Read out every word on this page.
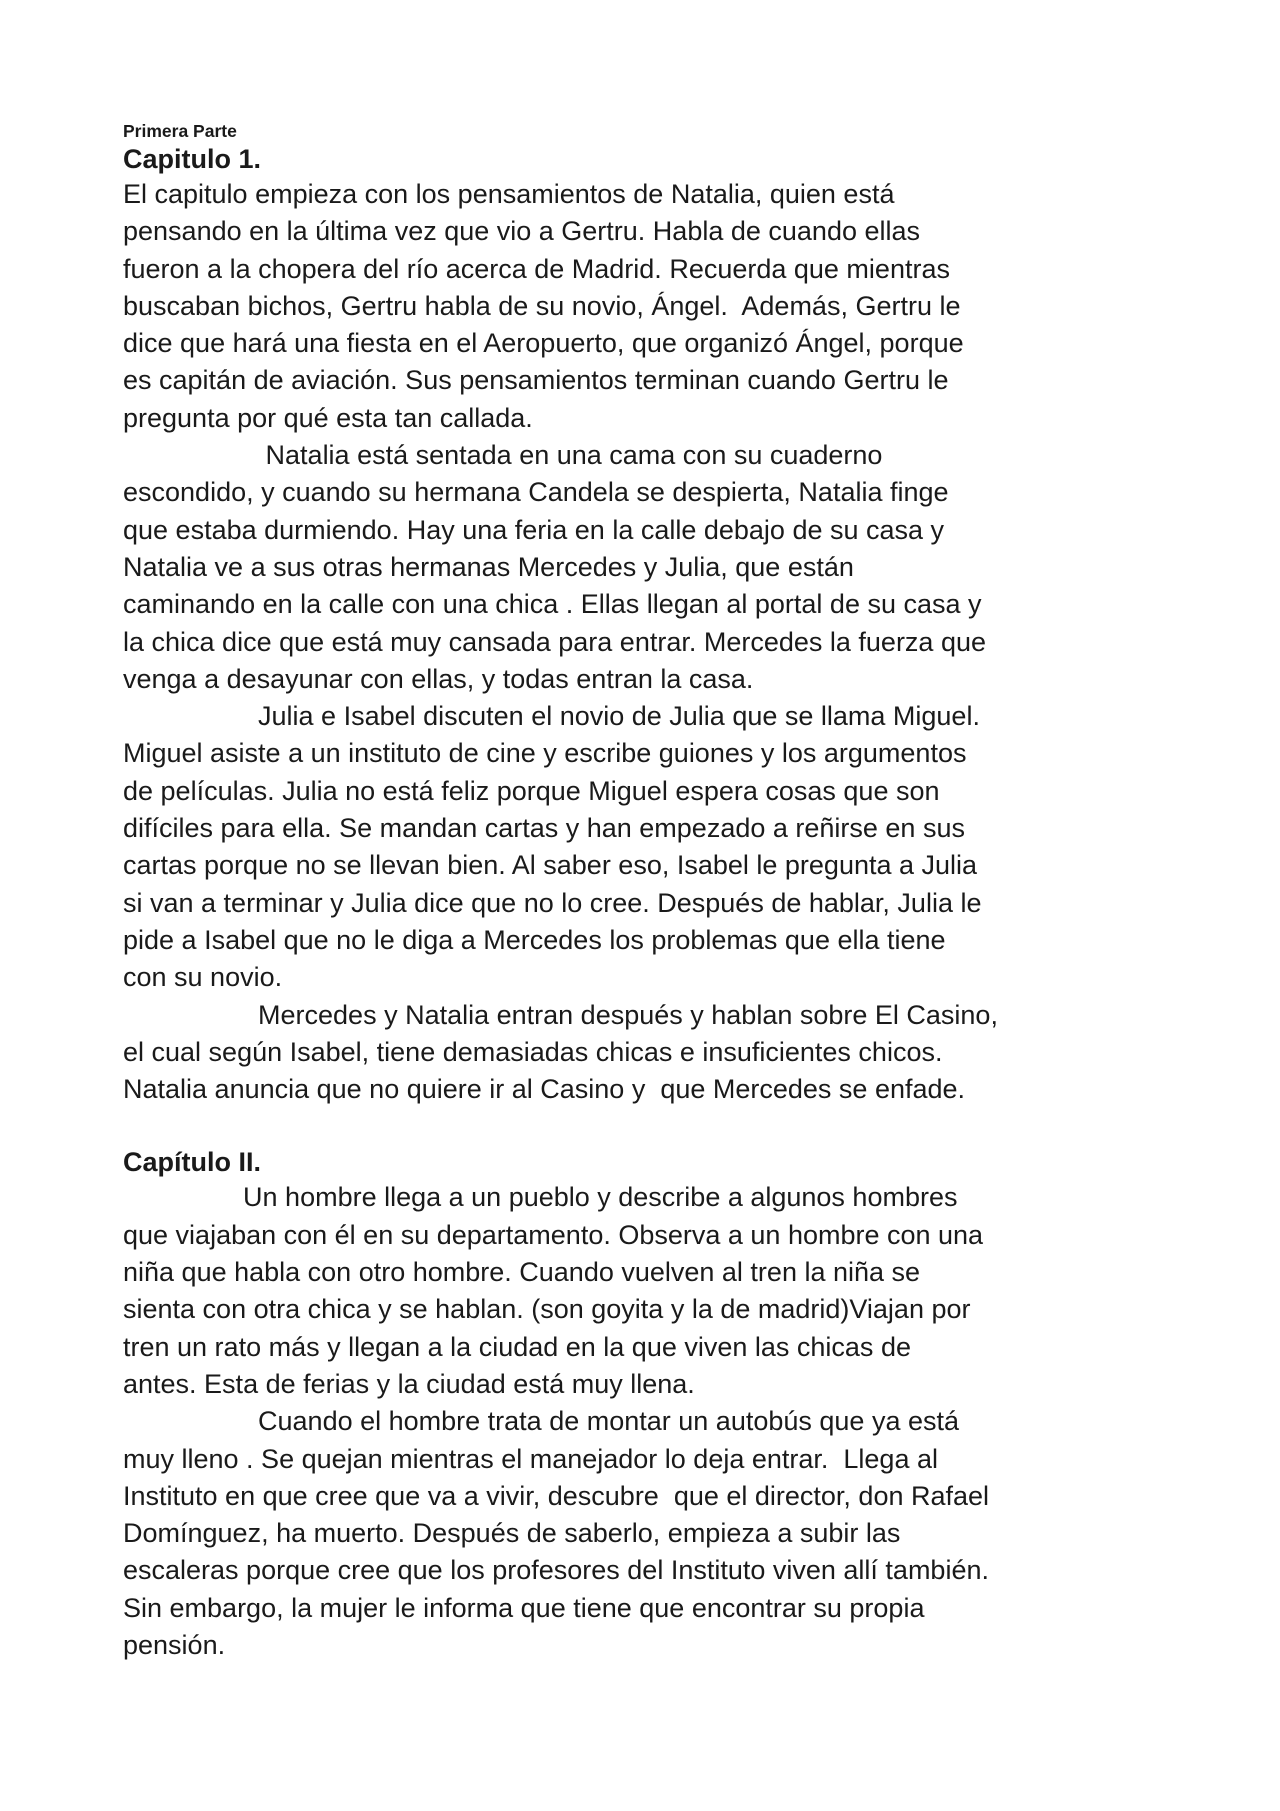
Primera Parte

Capitulo 1.

El capitulo empieza con los pensamientos de Natalia, quien está
pensando en la última vez que vio a Gertru. Habla de cuando ellas
fueron a la chopera del río acerca de Madrid. Recuerda que mientras
buscaban bichos, Gertru habla de su novio, Ángel.  Además, Gertru le
dice que hará una fiesta en el Aeropuerto, que organizó Ángel, porque
es capitán de aviación. Sus pensamientos terminan cuando Gertru le
pregunta por qué esta tan callada.

Natalia está sentada en una cama con su cuaderno
escondido, y cuando su hermana Candela se despierta, Natalia finge
que estaba durmiendo. Hay una feria en la calle debajo de su casa y
Natalia ve a sus otras hermanas Mercedes y Julia, que están
caminando en la calle con una chica . Ellas llegan al portal de su casa y
la chica dice que está muy cansada para entrar. Mercedes la fuerza que
venga a desayunar con ellas, y todas entran la casa.

Julia e Isabel discuten el novio de Julia que se llama Miguel.
Miguel asiste a un instituto de cine y escribe guiones y los argumentos
de películas. Julia no está feliz porque Miguel espera cosas que son
difíciles para ella. Se mandan cartas y han empezado a reñirse en sus
cartas porque no se llevan bien. Al saber eso, Isabel le pregunta a Julia
si van a terminar y Julia dice que no lo cree. Después de hablar, Julia le
pide a Isabel que no le diga a Mercedes los problemas que ella tiene
con su novio.

Mercedes y Natalia entran después y hablan sobre El Casino,
el cual según Isabel, tiene demasiadas chicas e insuficientes chicos.
Natalia anuncia que no quiere ir al Casino y  que Mercedes se enfade.

Capítulo II.

Un hombre llega a un pueblo y describe a algunos hombres
que viajaban con él en su departamento. Observa a un hombre con una
niña que habla con otro hombre. Cuando vuelven al tren la niña se
sienta con otra chica y se hablan. (son goyita y la de madrid)Viajan por
tren un rato más y llegan a la ciudad en la que viven las chicas de
antes. Esta de ferias y la ciudad está muy llena.

Cuando el hombre trata de montar un autobús que ya está
muy lleno . Se quejan mientras el manejador lo deja entrar.  Llega al
Instituto en que cree que va a vivir, descubre  que el director, don Rafael
Domínguez, ha muerto. Después de saberlo, empieza a subir las
escaleras porque cree que los profesores del Instituto viven allí también.
Sin embargo, la mujer le informa que tiene que encontrar su propia
pensión.
